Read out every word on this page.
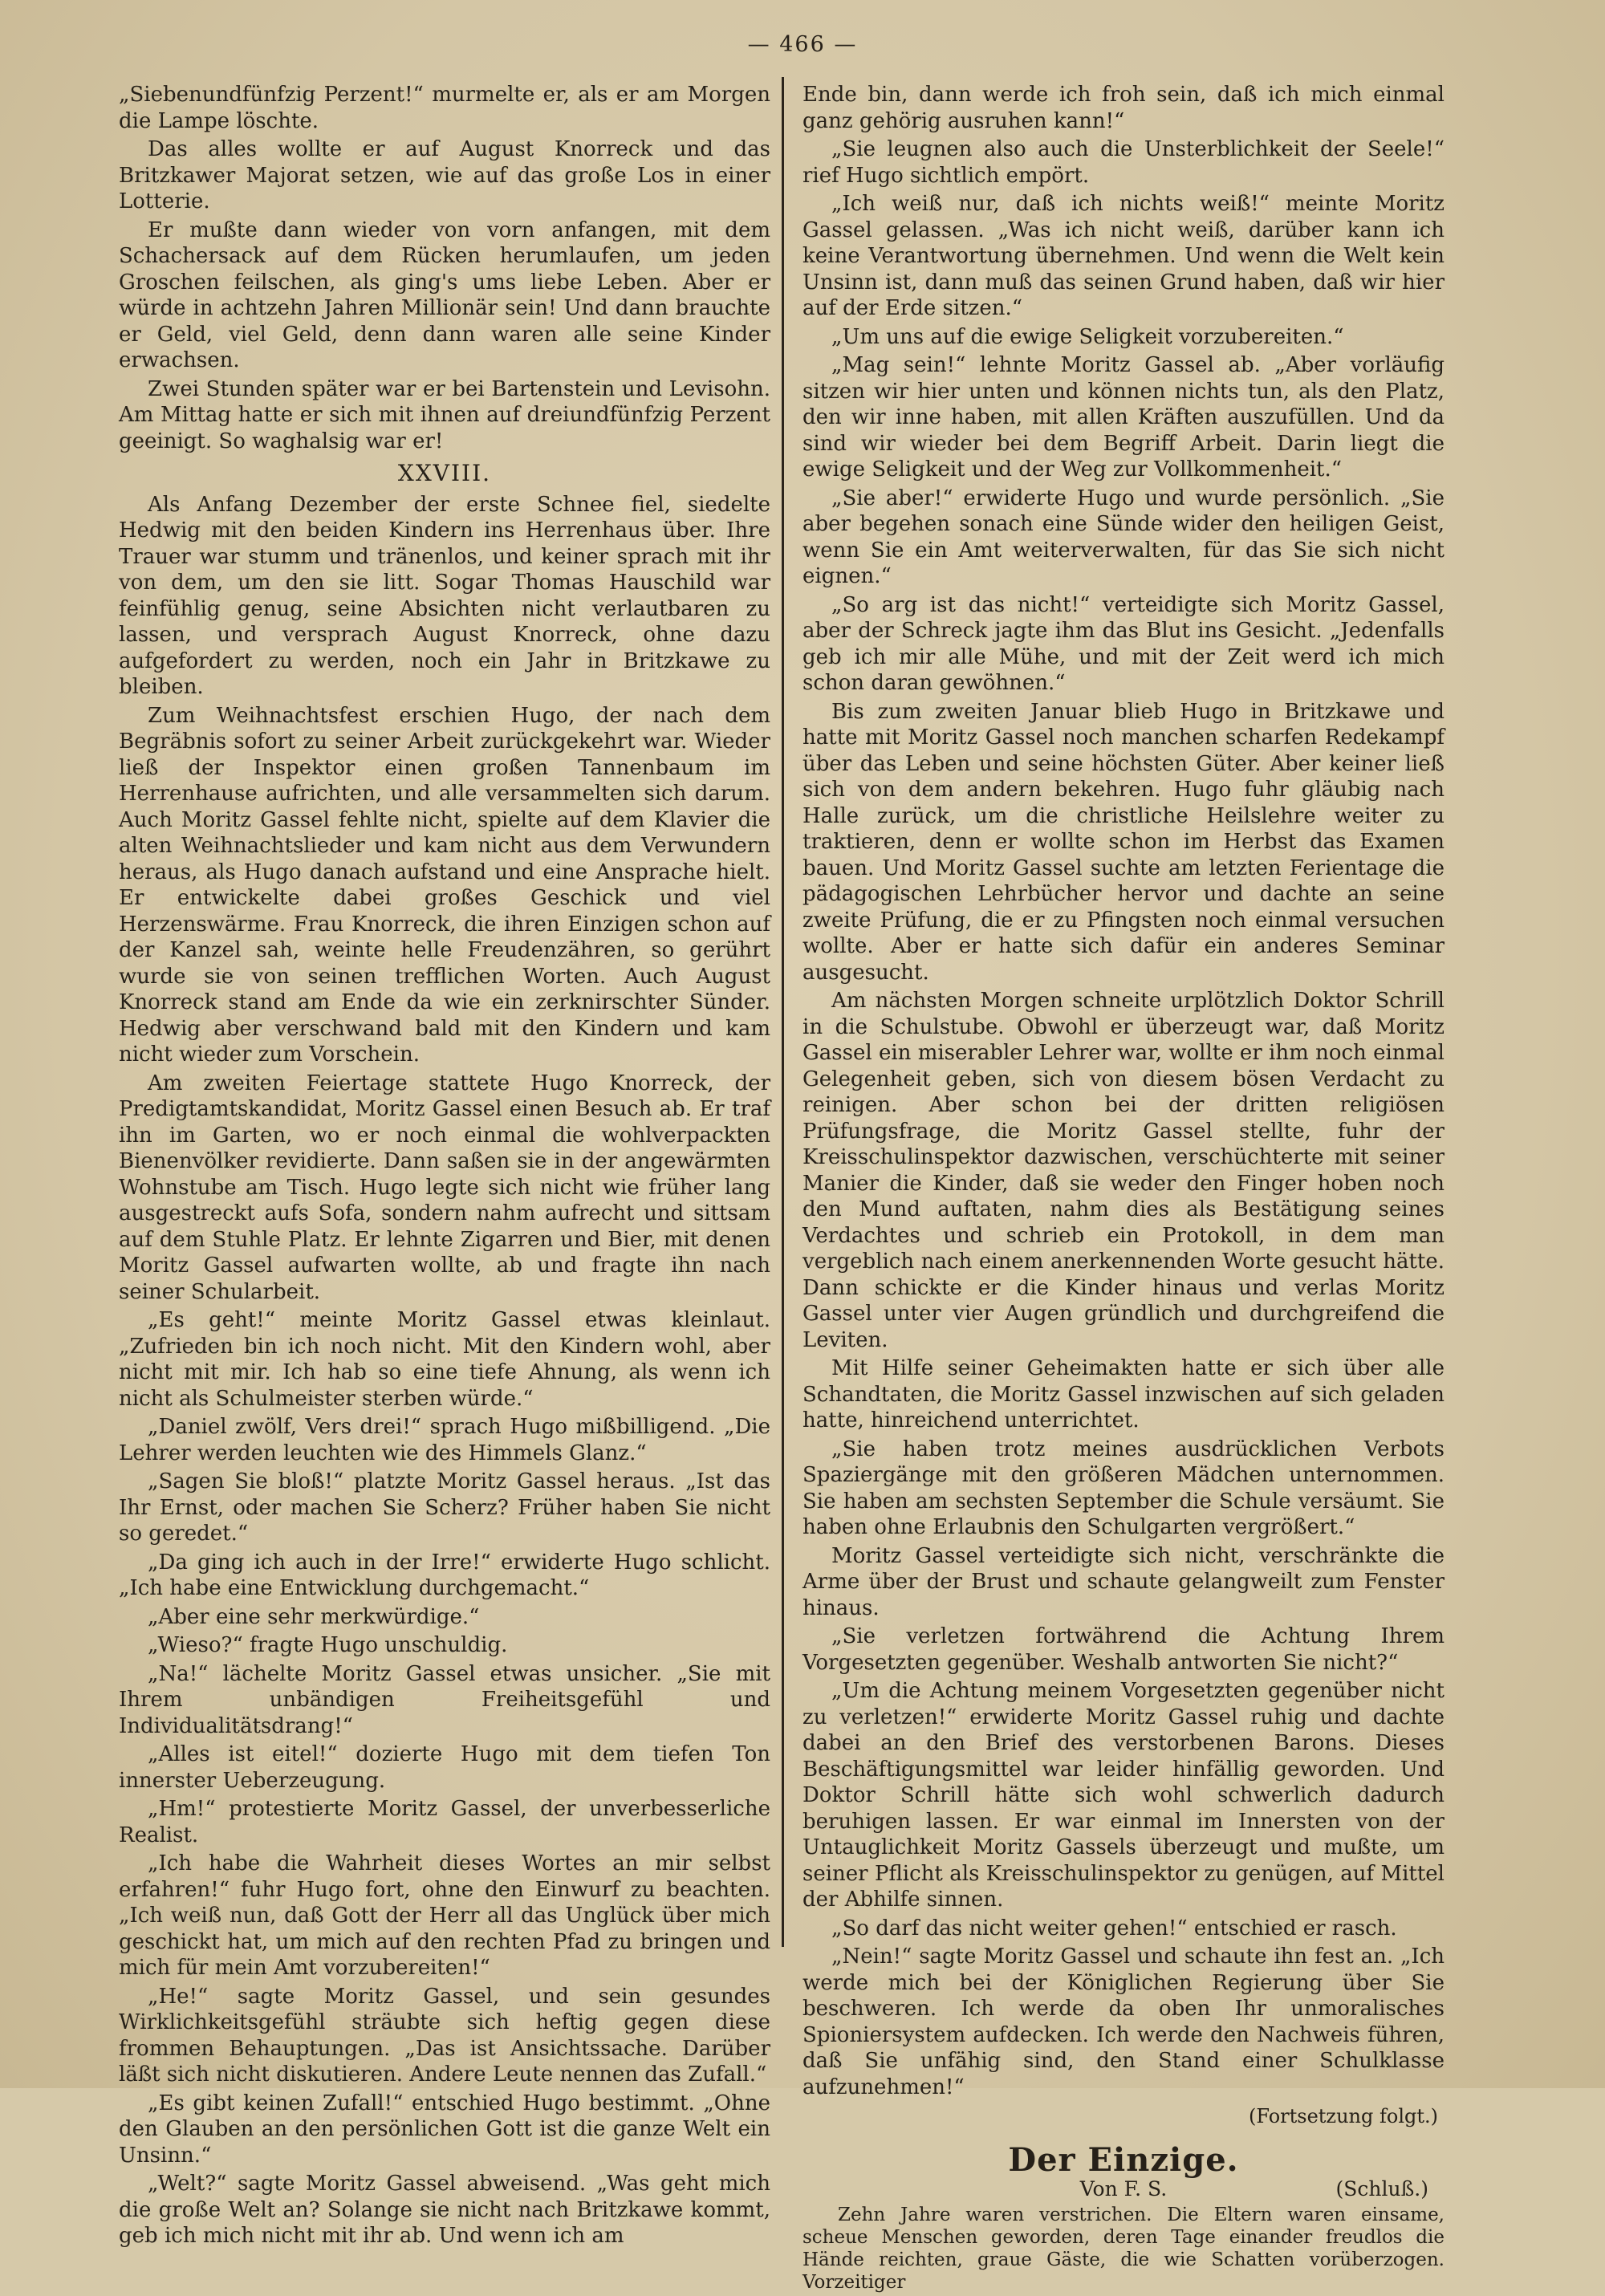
— 466 —

„Siebenundfünfzig Perzent!“ murmelte er, als er am Morgen die Lampe löschte.

Das alles wollte er auf August Knorreck und das Britzkawer Majorat setzen, wie auf das große Los in einer Lotterie.

Er mußte dann wieder von vorn anfangen, mit dem Schachersack auf dem Rücken herumlaufen, um jeden Groschen feilschen, als ging's ums liebe Leben. Aber er würde in achtzehn Jahren Millionär sein! Und dann brauchte er Geld, viel Geld, denn dann waren alle seine Kinder erwachsen.

Zwei Stunden später war er bei Bartenstein und Levisohn. Am Mittag hatte er sich mit ihnen auf dreiundfünfzig Perzent geeinigt. So waghalsig war er!

XXVIII.

Als Anfang Dezember der erste Schnee fiel, siedelte Hedwig mit den beiden Kindern ins Herrenhaus über. Ihre Trauer war stumm und tränenlos, und keiner sprach mit ihr von dem, um den sie litt. Sogar Thomas Hauschild war feinfühlig genug, seine Absichten nicht verlautbaren zu lassen, und versprach August Knorreck, ohne dazu aufgefordert zu werden, noch ein Jahr in Britzkawe zu bleiben.

Zum Weihnachtsfest erschien Hugo, der nach dem Begräbnis sofort zu seiner Arbeit zurückgekehrt war. Wieder ließ der Inspektor einen großen Tannenbaum im Herrenhause aufrichten, und alle versammelten sich darum. Auch Moritz Gassel fehlte nicht, spielte auf dem Klavier die alten Weihnachtslieder und kam nicht aus dem Verwundern heraus, als Hugo danach aufstand und eine Ansprache hielt. Er entwickelte dabei großes Geschick und viel Herzenswärme. Frau Knorreck, die ihren Einzigen schon auf der Kanzel sah, weinte helle Freudenzähren, so gerührt wurde sie von seinen trefflichen Worten. Auch August Knorreck stand am Ende da wie ein zerknirschter Sünder. Hedwig aber verschwand bald mit den Kindern und kam nicht wieder zum Vorschein.

Am zweiten Feiertage stattete Hugo Knorreck, der Predigtamtskandidat, Moritz Gassel einen Besuch ab. Er traf ihn im Garten, wo er noch einmal die wohlverpackten Bienenvölker revidierte. Dann saßen sie in der angewärmten Wohnstube am Tisch. Hugo legte sich nicht wie früher lang ausgestreckt aufs Sofa, sondern nahm aufrecht und sittsam auf dem Stuhle Platz. Er lehnte Zigarren und Bier, mit denen Moritz Gassel aufwarten wollte, ab und fragte ihn nach seiner Schularbeit.

„Es geht!“ meinte Moritz Gassel etwas kleinlaut. „Zufrieden bin ich noch nicht. Mit den Kindern wohl, aber nicht mit mir. Ich hab so eine tiefe Ahnung, als wenn ich nicht als Schulmeister sterben würde.“

„Daniel zwölf, Vers drei!“ sprach Hugo mißbilligend. „Die Lehrer werden leuchten wie des Himmels Glanz.“

„Sagen Sie bloß!“ platzte Moritz Gassel heraus. „Ist das Ihr Ernst, oder machen Sie Scherz? Früher haben Sie nicht so geredet.“

„Da ging ich auch in der Irre!“ erwiderte Hugo schlicht. „Ich habe eine Entwicklung durchgemacht.“

„Aber eine sehr merkwürdige.“

„Wieso?“ fragte Hugo unschuldig.

„Na!“ lächelte Moritz Gassel etwas unsicher. „Sie mit Ihrem unbändigen Freiheitsgefühl und Individualitätsdrang!“

„Alles ist eitel!“ dozierte Hugo mit dem tiefen Ton innerster Ueberzeugung.

„Hm!“ protestierte Moritz Gassel, der unverbesserliche Realist.

„Ich habe die Wahrheit dieses Wortes an mir selbst erfahren!“ fuhr Hugo fort, ohne den Einwurf zu beachten. „Ich weiß nun, daß Gott der Herr all das Unglück über mich geschickt hat, um mich auf den rechten Pfad zu bringen und mich für mein Amt vorzubereiten!“

„He!“ sagte Moritz Gassel, und sein gesundes Wirklichkeitsgefühl sträubte sich heftig gegen diese frommen Behauptungen. „Das ist Ansichtssache. Darüber läßt sich nicht diskutieren. Andere Leute nennen das Zufall.“

„Es gibt keinen Zufall!“ entschied Hugo bestimmt. „Ohne den Glauben an den persönlichen Gott ist die ganze Welt ein Unsinn.“

„Welt?“ sagte Moritz Gassel abweisend. „Was geht mich die große Welt an? Solange sie nicht nach Britzkawe kommt, geb ich mich nicht mit ihr ab. Und wenn ich am

Ende bin, dann werde ich froh sein, daß ich mich einmal ganz gehörig ausruhen kann!“

„Sie leugnen also auch die Unsterblichkeit der Seele!“ rief Hugo sichtlich empört.

„Ich weiß nur, daß ich nichts weiß!“ meinte Moritz Gassel gelassen. „Was ich nicht weiß, darüber kann ich keine Verantwortung übernehmen. Und wenn die Welt kein Unsinn ist, dann muß das seinen Grund haben, daß wir hier auf der Erde sitzen.“

„Um uns auf die ewige Seligkeit vorzubereiten.“

„Mag sein!“ lehnte Moritz Gassel ab. „Aber vorläufig sitzen wir hier unten und können nichts tun, als den Platz, den wir inne haben, mit allen Kräften auszufüllen. Und da sind wir wieder bei dem Begriff Arbeit. Darin liegt die ewige Seligkeit und der Weg zur Vollkommenheit.“

„Sie aber!“ erwiderte Hugo und wurde persönlich. „Sie aber begehen sonach eine Sünde wider den heiligen Geist, wenn Sie ein Amt weiterverwalten, für das Sie sich nicht eignen.“

„So arg ist das nicht!“ verteidigte sich Moritz Gassel, aber der Schreck jagte ihm das Blut ins Gesicht. „Jedenfalls geb ich mir alle Mühe, und mit der Zeit werd ich mich schon daran gewöhnen.“

Bis zum zweiten Januar blieb Hugo in Britzkawe und hatte mit Moritz Gassel noch manchen scharfen Redekampf über das Leben und seine höchsten Güter. Aber keiner ließ sich von dem andern bekehren. Hugo fuhr gläubig nach Halle zurück, um die christliche Heilslehre weiter zu traktieren, denn er wollte schon im Herbst das Examen bauen. Und Moritz Gassel suchte am letzten Ferientage die pädagogischen Lehrbücher hervor und dachte an seine zweite Prüfung, die er zu Pfingsten noch einmal versuchen wollte. Aber er hatte sich dafür ein anderes Seminar ausgesucht.

Am nächsten Morgen schneite urplötzlich Doktor Schrill in die Schulstube. Obwohl er überzeugt war, daß Moritz Gassel ein miserabler Lehrer war, wollte er ihm noch einmal Gelegenheit geben, sich von diesem bösen Verdacht zu reinigen. Aber schon bei der dritten religiösen Prüfungsfrage, die Moritz Gassel stellte, fuhr der Kreisschulinspektor dazwischen, verschüchterte mit seiner Manier die Kinder, daß sie weder den Finger hoben noch den Mund auftaten, nahm dies als Bestätigung seines Verdachtes und schrieb ein Protokoll, in dem man vergeblich nach einem anerkennenden Worte gesucht hätte. Dann schickte er die Kinder hinaus und verlas Moritz Gassel unter vier Augen gründlich und durchgreifend die Leviten.

Mit Hilfe seiner Geheimakten hatte er sich über alle Schandtaten, die Moritz Gassel inzwischen auf sich geladen hatte, hinreichend unterrichtet.

„Sie haben trotz meines ausdrücklichen Verbots Spaziergänge mit den größeren Mädchen unternommen. Sie haben am sechsten September die Schule versäumt. Sie haben ohne Erlaubnis den Schulgarten vergrößert.“

Moritz Gassel verteidigte sich nicht, verschränkte die Arme über der Brust und schaute gelangweilt zum Fenster hinaus.

„Sie verletzen fortwährend die Achtung Ihrem Vorgesetzten gegenüber. Weshalb antworten Sie nicht?“

„Um die Achtung meinem Vorgesetzten gegenüber nicht zu verletzen!“ erwiderte Moritz Gassel ruhig und dachte dabei an den Brief des verstorbenen Barons. Dieses Beschäftigungsmittel war leider hinfällig geworden. Und Doktor Schrill hätte sich wohl schwerlich dadurch beruhigen lassen. Er war einmal im Innersten von der Untauglichkeit Moritz Gassels überzeugt und mußte, um seiner Pflicht als Kreisschulinspektor zu genügen, auf Mittel der Abhilfe sinnen.

„So darf das nicht weiter gehen!“ entschied er rasch.

„Nein!“ sagte Moritz Gassel und schaute ihn fest an. „Ich werde mich bei der Königlichen Regierung über Sie beschweren. Ich werde da oben Ihr unmoralisches Spioniersystem aufdecken. Ich werde den Nachweis führen, daß Sie unfähig sind, den Stand einer Schulklasse aufzunehmen!“

(Fortsetzung folgt.)
Der Einzige.
Von F. S.	(Schluß.)

Zehn Jahre waren verstrichen. Die Eltern waren einsame, scheue Menschen geworden, deren Tage einander freudlos die Hände reichten, graue Gäste, die wie Schatten vorüberzogen. Vorzeitiger
